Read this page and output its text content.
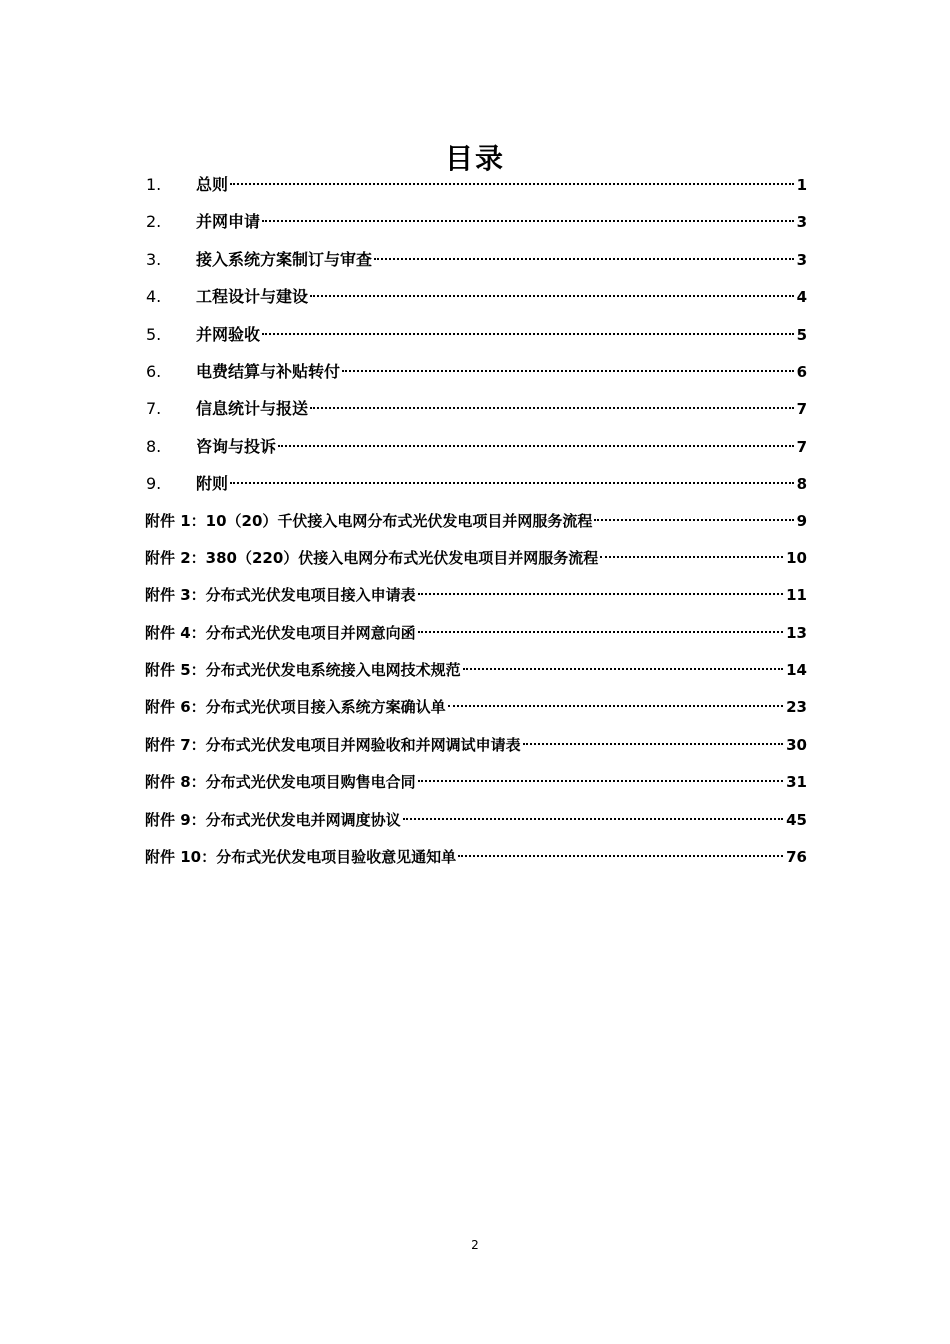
目录
1.	总则	1
2.	并网申请	3
3.	接入系统方案制订与审查	3
4.	工程设计与建设	4
5.	并网验收	5
6.	电费结算与补贴转付	6
7.	信息统计与报送	7
8.	咨询与投诉	7
9.	附则	8
附件 1：10（20）千伏接入电网分布式光伏发电项目并网服务流程	9
附件 2：380（220）伏接入电网分布式光伏发电项目并网服务流程	10
附件 3：分布式光伏发电项目接入申请表	11
附件 4：分布式光伏发电项目并网意向函	13
附件 5：分布式光伏发电系统接入电网技术规范	14
附件 6：分布式光伏项目接入系统方案确认单	23
附件 7：分布式光伏发电项目并网验收和并网调试申请表	30
附件 8：分布式光伏发电项目购售电合同	31
附件 9：分布式光伏发电并网调度协议	45
附件 10：分布式光伏发电项目验收意见通知单	76
2
